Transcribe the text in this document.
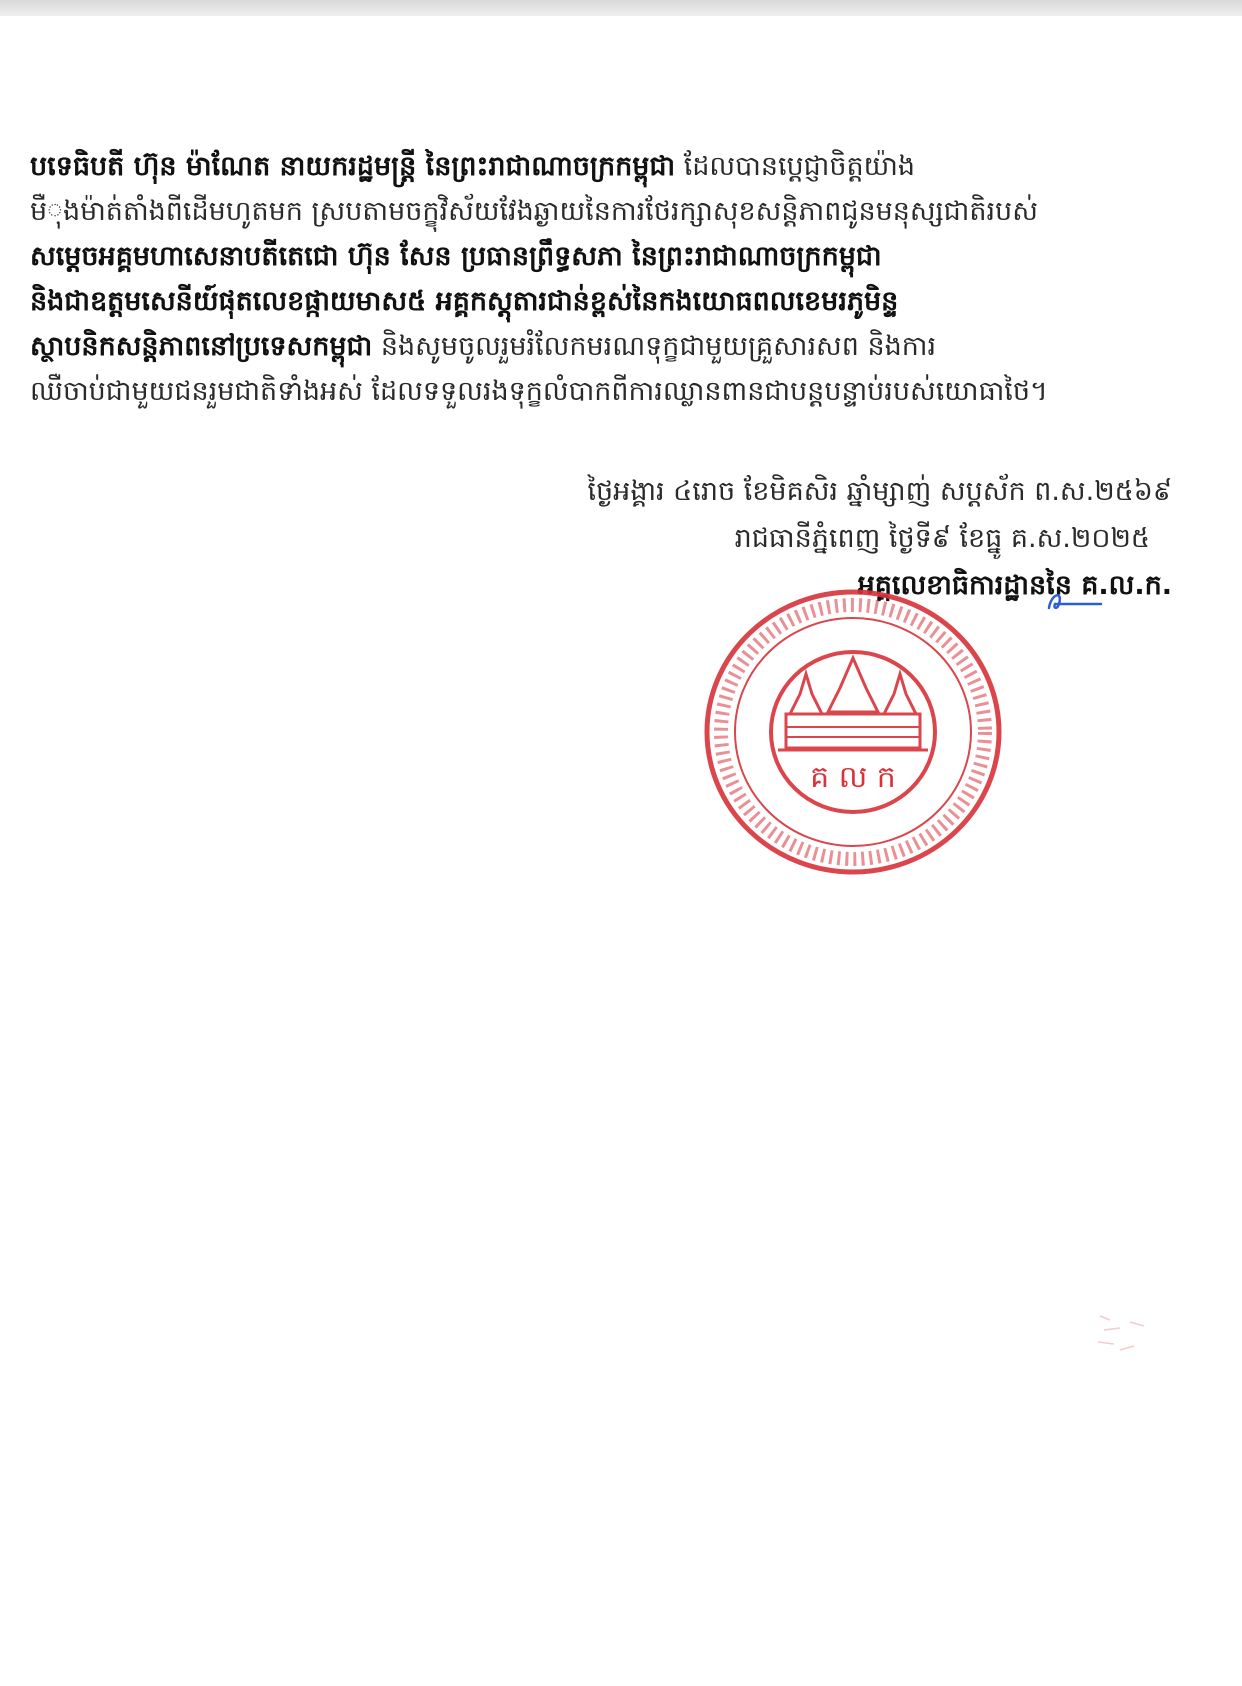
បទេធិបតី ហ៊ុន ម៉ាណែត នាយករដ្ឋមន្ត្រី នៃព្រះរាជាណាចក្រកម្ពុជា ដែលបានប្តេជ្ញាចិត្តយ៉ាង
មឺុងម៉ាត់តាំងពីដើមហូតមក ស្របតាមចក្ខុវិស័យវែងឆ្ងាយនៃការថែរក្សាសុខសន្តិភាពជូនមនុស្សជាតិរបស់
សម្តេចអគ្គមហាសេនាបតីតេជោ ហ៊ុន សែន ប្រធានព្រឹទ្ធសភា នៃព្រះរាជាណាចក្រកម្ពុជា
និងជាឧត្តមសេនីយ៍ផុតលេខផ្កាយមាស៥ អគ្គកស្តុតារជាន់ខ្ពស់នៃកងយោធពលខេមរភូមិន្ទ
ស្ថាបនិកសន្តិភាពនៅប្រទេសកម្ពុជា និងសូមចូលរួមរំលែកមរណទុក្ខជាមួយគ្រួសារសព និងការ
ឈឺចាប់ជាមួយជនរួមជាតិទាំងអស់ ដែលទទួលរងទុក្ខលំបាកពីការឈ្លានពានជាបន្តបន្ទាប់របស់យោធាថៃ។
ថ្ងៃអង្គារ ៤រោច ខែមិគសិរ ឆ្នាំម្សាញ់ សប្តស័ក ព.ស.២៥៦៩
រាជធានីភ្នំពេញ ថ្ងៃទី៩ ខែធ្នូ គ.ស.២០២៥
អគ្គលេខាធិការដ្ឋាននៃ គ.ល.ក.
គ ល ក
